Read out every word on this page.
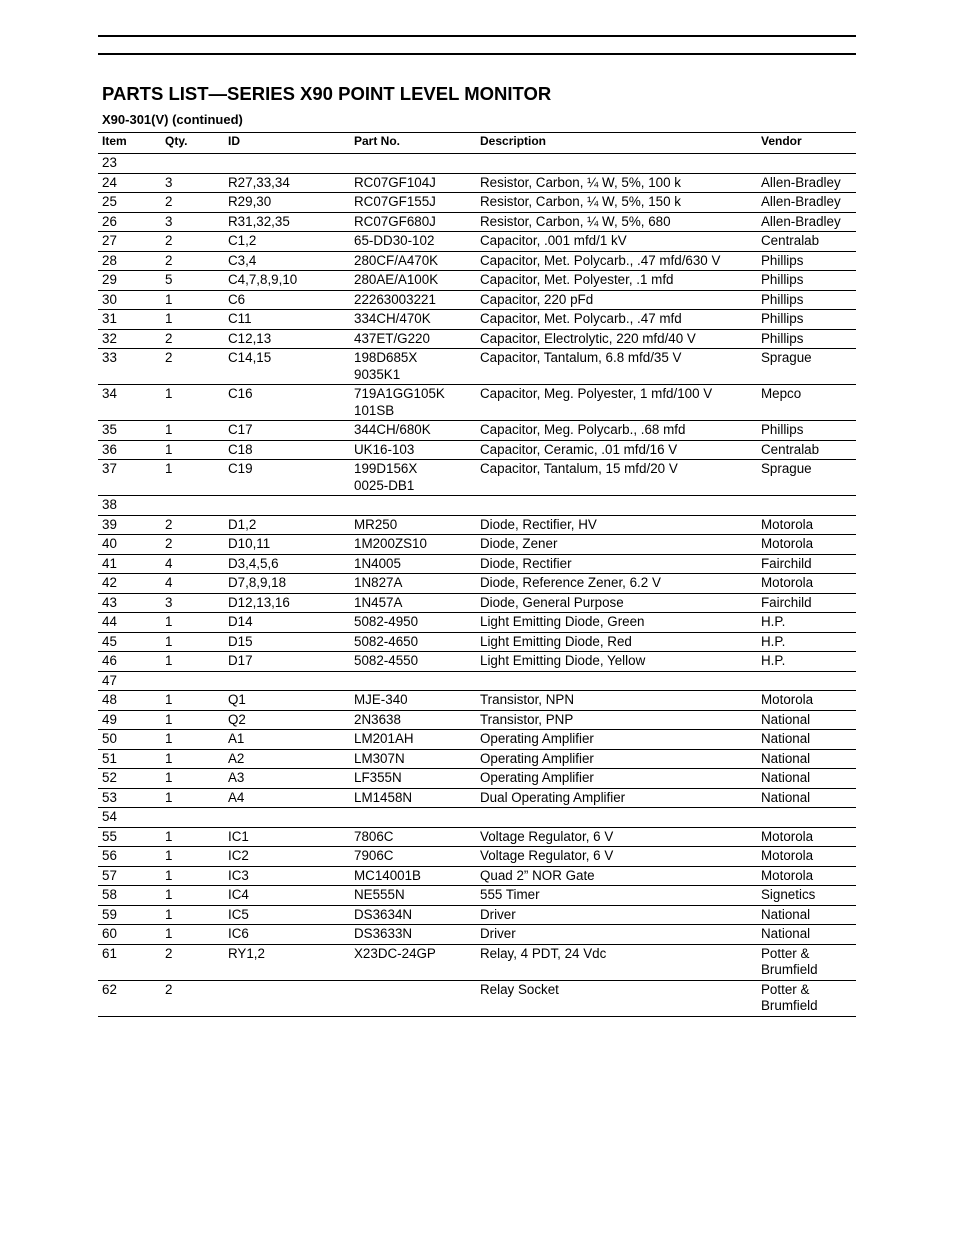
PARTS LIST—SERIES X90 POINT LEVEL MONITOR
X90-301(V) (continued)
Item	Qty.	ID	Part No.	Description	Vendor
23					
24	3	R27,33,34	RC07GF104J	Resistor, Carbon, ¼ W, 5%, 100 k	Allen-Bradley
25	2	R29,30	RC07GF155J	Resistor, Carbon, ¼ W, 5%, 150 k	Allen-Bradley
26	3	R31,32,35	RC07GF680J	Resistor, Carbon, ¼ W, 5%, 680	Allen-Bradley
27	2	C1,2	65-DD30-102	Capacitor, .001 mfd/1 kV	Centralab
28	2	C3,4	280CF/A470K	Capacitor, Met. Polycarb., .47 mfd/630 V	Phillips
29	5	C4,7,8,9,10	280AE/A100K	Capacitor, Met. Polyester, .1 mfd	Phillips
30	1	C6	22263003221	Capacitor, 220 pFd	Phillips
31	1	C11	334CH/470K	Capacitor, Met. Polycarb., .47 mfd	Phillips
32	2	C12,13	437ET/G220	Capacitor, Electrolytic, 220 mfd/40 V	Phillips
33	2	C14,15	198D685X
9035K1	Capacitor, Tantalum, 6.8 mfd/35 V	Sprague
34	1	C16	719A1GG105K
101SB	Capacitor, Meg. Polyester, 1 mfd/100 V	Mepco
35	1	C17	344CH/680K	Capacitor, Meg. Polycarb., .68 mfd	Phillips
36	1	C18	UK16-103	Capacitor, Ceramic, .01 mfd/16 V	Centralab
37	1	C19	199D156X
0025-DB1	Capacitor, Tantalum, 15 mfd/20 V	Sprague
38					
39	2	D1,2	MR250	Diode, Rectifier, HV	Motorola
40	2	D10,11	1M200ZS10	Diode, Zener	Motorola
41	4	D3,4,5,6	1N4005	Diode, Rectifier	Fairchild
42	4	D7,8,9,18	1N827A	Diode, Reference Zener, 6.2 V	Motorola
43	3	D12,13,16	1N457A	Diode, General Purpose	Fairchild
44	1	D14	5082-4950	Light Emitting Diode, Green	H.P.
45	1	D15	5082-4650	Light Emitting Diode, Red	H.P.
46	1	D17	5082-4550	Light Emitting Diode, Yellow	H.P.
47					
48	1	Q1	MJE-340	Transistor, NPN	Motorola
49	1	Q2	2N3638	Transistor, PNP	National
50	1	A1	LM201AH	Operating Amplifier	National
51	1	A2	LM307N	Operating Amplifier	National
52	1	A3	LF355N	Operating Amplifier	National
53	1	A4	LM1458N	Dual Operating Amplifier	National
54					
55	1	IC1	7806C	Voltage Regulator, 6 V	Motorola
56	1	IC2	7906C	Voltage Regulator, 6 V	Motorola
57	1	IC3	MC14001B	Quad 2” NOR Gate	Motorola
58	1	IC4	NE555N	555 Timer	Signetics
59	1	IC5	DS3634N	Driver	National
60	1	IC6	DS3633N	Driver	National
61	2	RY1,2	X23DC-24GP	Relay, 4 PDT, 24 Vdc	Potter &
Brumfield
62	2			Relay Socket	Potter &
Brumfield
